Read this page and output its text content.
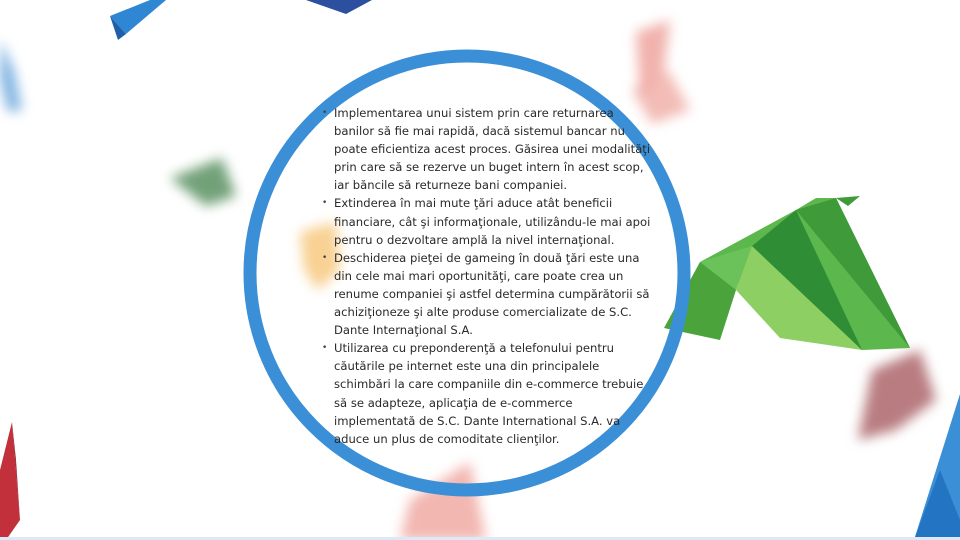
• Implementarea unui sistem prin care returnarea
banilor să fie mai rapidă, dacă sistemul bancar nu
poate eficientiza acest proces. Găsirea unei modalităţi
prin care să se rezerve un buget intern în acest scop,
iar băncile să returneze bani companiei.
• Extinderea în mai mute ţări aduce atât beneficii
financiare, cât şi informaţionale, utilizându-le mai apoi
pentru o dezvoltare amplă la nivel internaţional.
• Deschiderea pieţei de gameing în două ţări este una
din cele mai mari oportunităţi, care poate crea un
renume companiei şi astfel determina cumpărătorii să
achiziţioneze şi alte produse comercializate de S.C.
Dante Internaţional S.A.
• Utilizarea cu preponderenţă a telefonului pentru
căutările pe internet este una din principalele
schimbări la care companiile din e-commerce trebuie
să se adapteze, aplicaţia de e-commerce
implementată de S.C. Dante International S.A. va
aduce un plus de comoditate clienţilor.
